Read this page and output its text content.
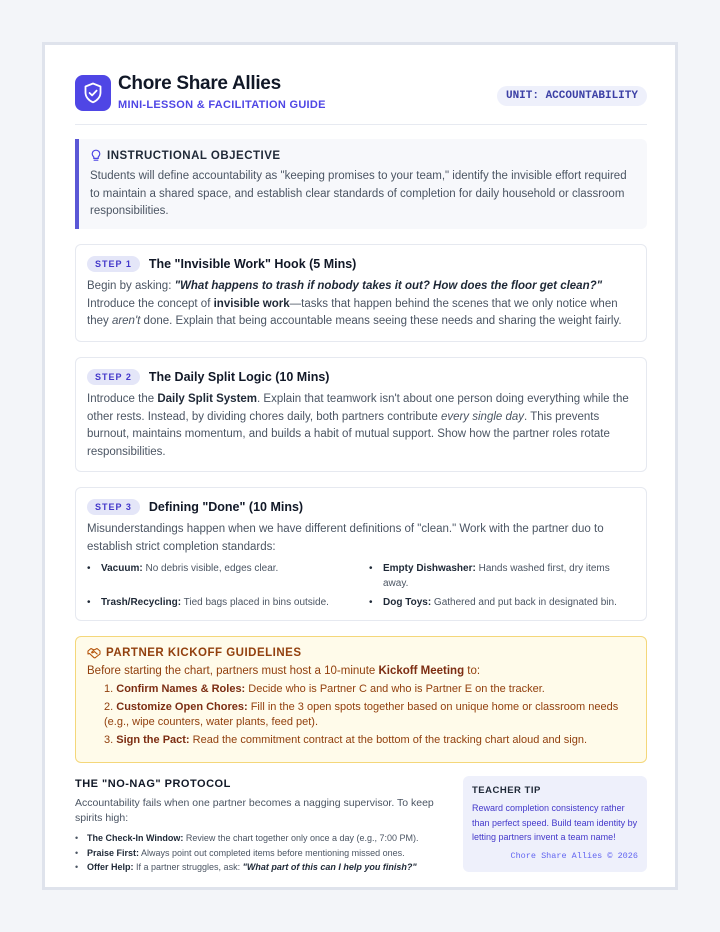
Chore Share Allies
MINI-LESSON & FACILITATION GUIDE
UNIT: ACCOUNTABILITY
INSTRUCTIONAL OBJECTIVE
Students will define accountability as "keeping promises to your team," identify the invisible effort required to maintain a shared space, and establish clear standards of completion for daily household or classroom responsibilities.
STEP 1	The "Invisible Work" Hook (5 Mins)
Begin by asking: "What happens to trash if nobody takes it out? How does the floor get clean?" Introduce the concept of invisible work—tasks that happen behind the scenes that we only notice when they aren't done. Explain that being accountable means seeing these needs and sharing the weight fairly.
STEP 2	The Daily Split Logic (10 Mins)
Introduce the Daily Split System. Explain that teamwork isn't about one person doing everything while the other rests. Instead, by dividing chores daily, both partners contribute every single day. This prevents burnout, maintains momentum, and builds a habit of mutual support. Show how the partner roles rotate responsibilities.
STEP 3	Defining "Done" (10 Mins)
Misunderstandings happen when we have different definitions of "clean." Work with the partner duo to establish strict completion standards:
• Vacuum: No debris visible, edges clear.	• Empty Dishwasher: Hands washed first, dry items away.
• Trash/Recycling: Tied bags placed in bins outside.	• Dog Toys: Gathered and put back in designated bin.
PARTNER KICKOFF GUIDELINES
Before starting the chart, partners must host a 10-minute Kickoff Meeting to:
1. Confirm Names & Roles: Decide who is Partner C and who is Partner E on the tracker.
2. Customize Open Chores: Fill in the 3 open spots together based on unique home or classroom needs (e.g., wipe counters, water plants, feed pet).
3. Sign the Pact: Read the commitment contract at the bottom of the tracking chart aloud and sign.
THE "NO-NAG" PROTOCOL
Accountability fails when one partner becomes a nagging supervisor. To keep spirits high:
• The Check-In Window: Review the chart together only once a day (e.g., 7:00 PM).
• Praise First: Always point out completed items before mentioning missed ones.
• Offer Help: If a partner struggles, ask: "What part of this can I help you finish?"
TEACHER TIP
Reward completion consistency rather than perfect speed. Build team identity by letting partners invent a team name!
Chore Share Allies © 2026
